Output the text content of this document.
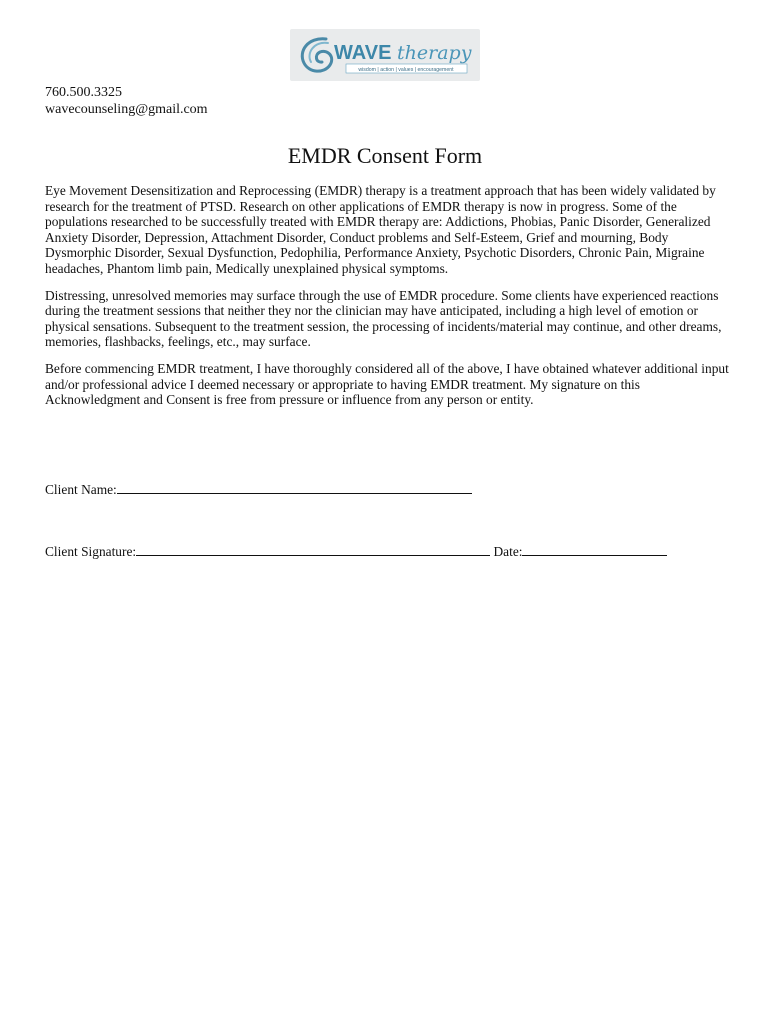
WAVE therapy
wisdom | action | values | encouragement
760.500.3325
wavecounseling@gmail.com
EMDR Consent Form

Eye Movement Desensitization and Reprocessing (EMDR) therapy is a treatment approach that has been widely validated by research for the treatment of PTSD. Research on other applications of EMDR therapy is now in progress. Some of the populations researched to be successfully treated with EMDR therapy are: Addictions, Phobias, Panic Disorder, Generalized Anxiety Disorder, Depression, Attachment Disorder, Conduct problems and Self-Esteem, Grief and mourning, Body Dysmorphic Disorder, Sexual Dysfunction, Pedophilia, Performance Anxiety, Psychotic Disorders, Chronic Pain, Migraine headaches, Phantom limb pain, Medically unexplained physical symptoms.

Distressing, unresolved memories may surface through the use of EMDR procedure. Some clients have experienced reactions during the treatment sessions that neither they nor the clinician may have anticipated, including a high level of emotion or physical sensations. Subsequent to the treatment session, the processing of incidents/material may continue, and other dreams, memories, flashbacks, feelings, etc., may surface.

Before commencing EMDR treatment, I have thoroughly considered all of the above, I have obtained whatever additional input and/or professional advice I deemed necessary or appropriate to having EMDR treatment. My signature on this Acknowledgment and Consent is free from pressure or influence from any person or entity.

Client Name:
Client Signature:	Date:
